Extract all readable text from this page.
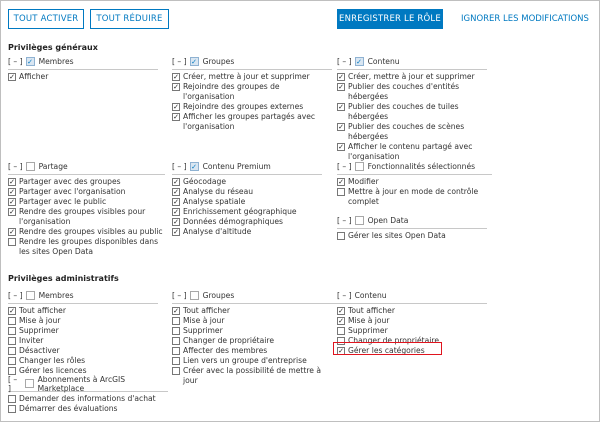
TOUT ACTIVER	TOUT RÉDUIRE	ENREGISTRER LE RÔLE IGNORER LES MODIFICATIONS
Privilèges généraux
Privilèges administratifs
[ – ] ✓ Membres
✓ Afficher
[ – ] ✓ Groupes
✓ Créer, mettre à jour et supprimer
✓ Rejoindre des groupes de l'organisation
✓ Rejoindre des groupes externes
✓ Afficher les groupes partagés avec l'organisation
[ – ] ✓ Contenu
✓ Créer, mettre à jour et supprimer
✓ Publier des couches d'entités hébergées
✓ Publier des couches de tuiles hébergées
✓ Publier des couches de scènes hébergées
✓ Afficher le contenu partagé avec l'organisation
[ – ] Partage
✓ Partager avec des groupes
✓ Partager avec l'organisation
✓ Partager avec le public
✓ Rendre des groupes visibles pour l'organisation
✓ Rendre des groupes visibles au public
Rendre les groupes disponibles dans les sites Open Data
[ – ] ✓ Contenu Premium
✓ Géocodage
✓ Analyse du réseau
✓ Analyse spatiale
✓ Enrichissement géographique
✓ Données démographiques
✓ Analyse d'altitude
[ – ] Fonctionnalités sélectionnés
✓ Modifier
Mettre à jour en mode de contrôle complet
[ – ] Open Data
Gérer les sites Open Data
[ – ] Membres
✓ Tout afficher
Mise à jour
Supprimer
Inviter
Désactiver
Changer les rôles
Gérer les licences
[ – ] Groupes
✓ Tout afficher
Mise à jour
Supprimer
Changer de propriétaire
Affecter des membres
Lien vers un groupe d'entreprise
Créer avec la possibilité de mettre à jour
[ – ] Contenu
✓ Tout afficher
✓ Mise à jour
Supprimer
Changer de propriétaire
✓ Gérer les catégories
[ – ]
Abonnements à ArcGIS Marketplace
Demander des informations d'achat
Démarrer des évaluations
